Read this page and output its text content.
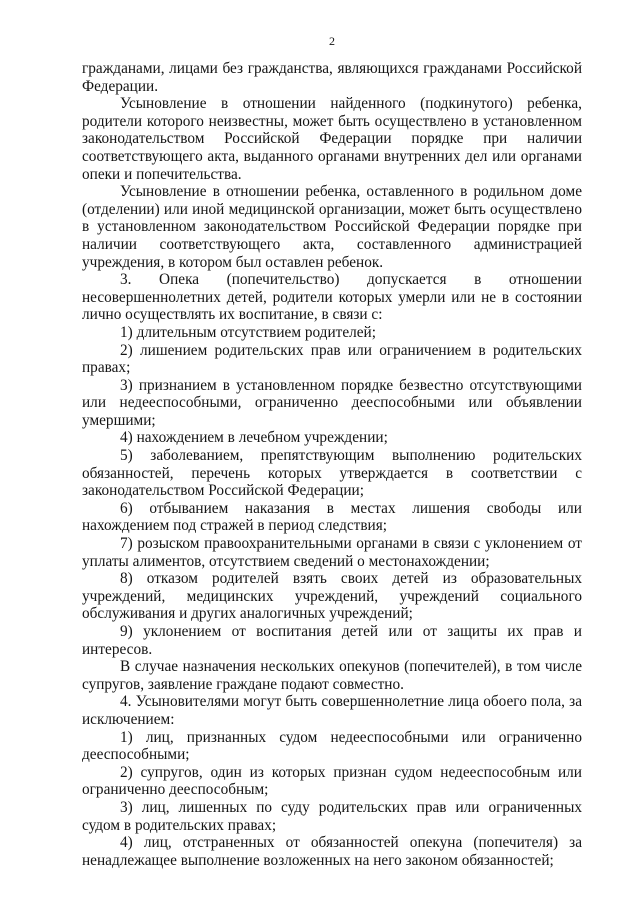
2

гражданами, лицами без гражданства, являющихся гражданами Российской Федерации.

Усыновление в отношении найденного (подкинутого) ребенка, родители которого неизвестны, может быть осуществлено в установленном законодательством Российской Федерации порядке при наличии соответствующего акта, выданного органами внутренних дел или органами опеки и попечительства.

Усыновление в отношении ребенка, оставленного в родильном доме (отделении) или иной медицинской организации, может быть осуществлено в установленном законодательством Российской Федерации порядке при наличии соответствующего акта, составленного администрацией учреждения, в котором был оставлен ребенок.

3. Опека (попечительство) допускается в отношении несовершеннолетних детей, родители которых умерли или не в состоянии лично осуществлять их воспитание, в связи с:

1) длительным отсутствием родителей;

2) лишением родительских прав или ограничением в родительских правах;

3) признанием в установленном порядке безвестно отсутствующими или недееспособными, ограниченно дееспособными или объявлении умершими;

4) нахождением в лечебном учреждении;

5) заболеванием, препятствующим выполнению родительских обязанностей, перечень которых утверждается в соответствии с законодательством Российской Федерации;

6) отбыванием наказания в местах лишения свободы или нахождением под стражей в период следствия;

7) розыском правоохранительными органами в связи с уклонением от уплаты алиментов, отсутствием сведений о местонахождении;

8) отказом родителей взять своих детей из образовательных учреждений, медицинских учреждений, учреждений социального обслуживания и других аналогичных учреждений;

9) уклонением от воспитания детей или от защиты их прав и интересов.

В случае назначения нескольких опекунов (попечителей), в том числе супругов, заявление граждане подают совместно.

4. Усыновителями могут быть совершеннолетние лица обоего пола, за исключением:

1) лиц, признанных судом недееспособными или ограниченно дееспособными;

2) супругов, один из которых признан судом недееспособным или ограниченно дееспособным;

3) лиц, лишенных по суду родительских прав или ограниченных судом в родительских правах;

4) лиц, отстраненных от обязанностей опекуна (попечителя) за ненадлежащее выполнение возложенных на него законом обязанностей;
